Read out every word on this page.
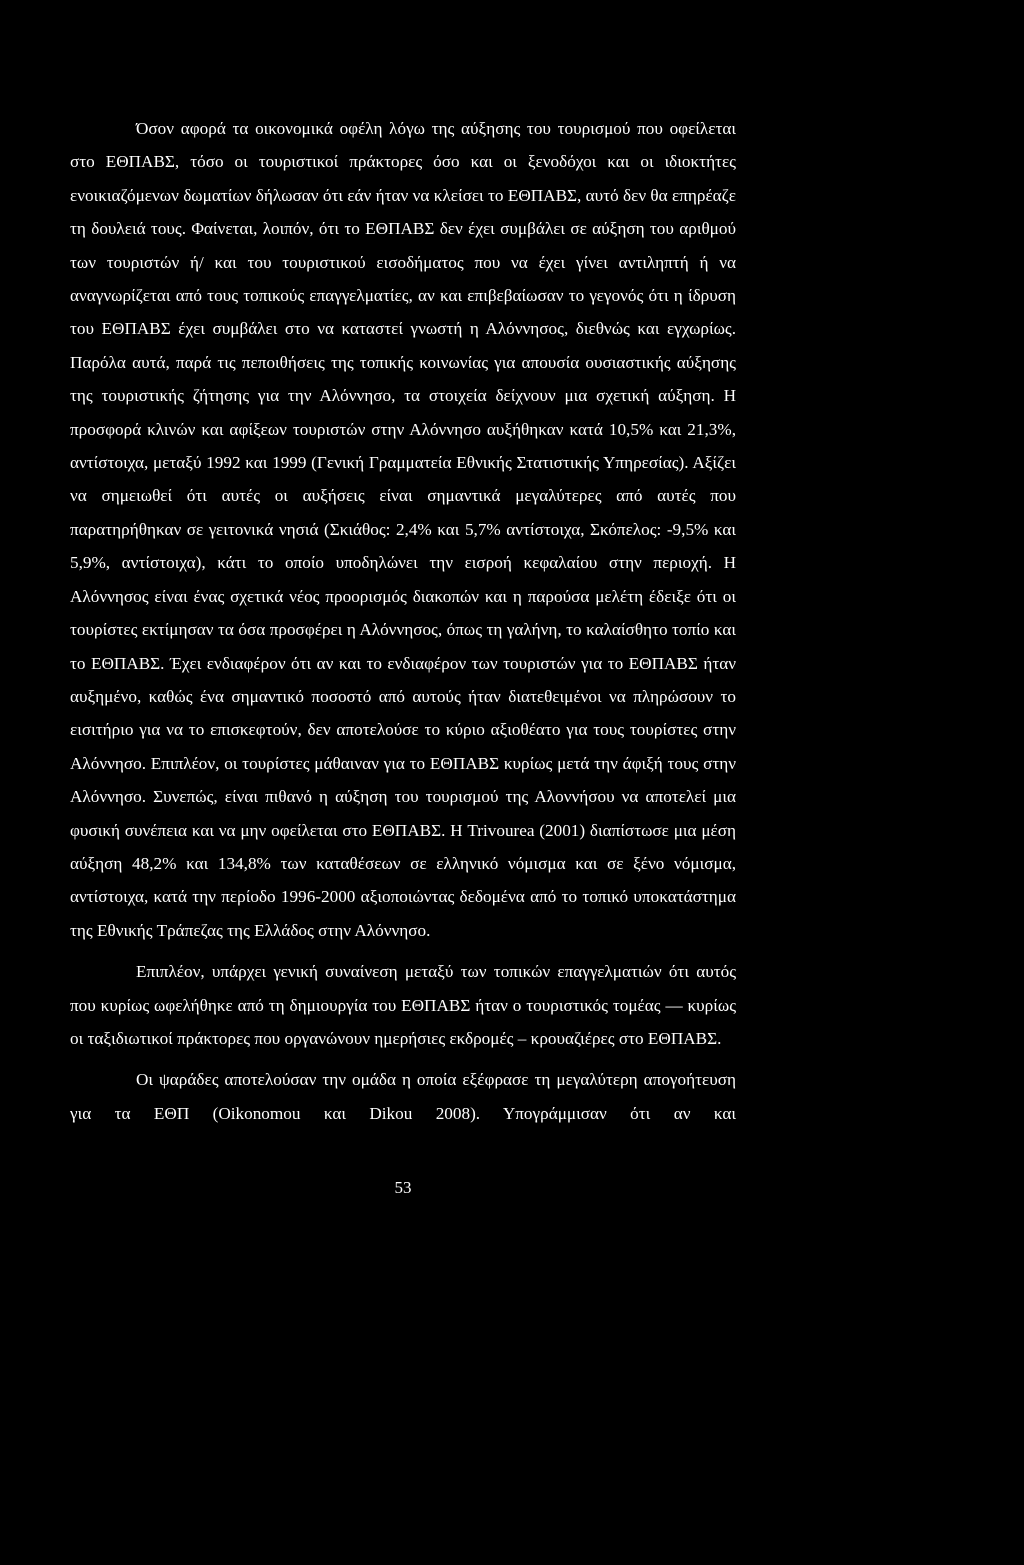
Όσον αφορά τα οικονομικά οφέλη λόγω της αύξησης του τουρισμού που οφείλεται στο ΕΘΠΑΒΣ, τόσο οι τουριστικοί πράκτορες όσο και οι ξενοδόχοι και οι ιδιοκτήτες ενοικιαζόμενων δωματίων δήλωσαν ότι εάν ήταν να κλείσει το ΕΘΠΑΒΣ, αυτό δεν θα επηρέαζε τη δουλειά τους. Φαίνεται, λοιπόν, ότι το ΕΘΠΑΒΣ δεν έχει συμβάλει σε αύξηση του αριθμού των τουριστών ή/ και του τουριστικού εισοδήματος που να έχει γίνει αντιληπτή ή να αναγνωρίζεται από τους τοπικούς επαγγελματίες, αν και επιβεβαίωσαν το γεγονός ότι η ίδρυση του ΕΘΠΑΒΣ έχει συμβάλει στο να καταστεί γνωστή η Αλόννησος, διεθνώς και εγχωρίως. Παρόλα αυτά, παρά τις πεποιθήσεις της τοπικής κοινωνίας για απουσία ουσιαστικής αύξησης της τουριστικής ζήτησης για την Αλόννησο, τα στοιχεία δείχνουν μια σχετική αύξηση. Η προσφορά κλινών και αφίξεων τουριστών στην Αλόννησο αυξήθηκαν κατά 10,5% και 21,3%, αντίστοιχα, μεταξύ 1992 και 1999 (Γενική Γραμματεία Εθνικής Στατιστικής Υπηρεσίας). Αξίζει να σημειωθεί ότι αυτές οι αυξήσεις είναι σημαντικά μεγαλύτερες από αυτές που παρατηρήθηκαν σε γειτονικά νησιά (Σκιάθος: 2,4% και 5,7% αντίστοιχα, Σκόπελος: -9,5% και 5,9%, αντίστοιχα), κάτι το οποίο υποδηλώνει την εισροή κεφαλαίου στην περιοχή. Η Αλόννησος είναι ένας σχετικά νέος προορισμός διακοπών και η παρούσα μελέτη έδειξε ότι οι τουρίστες εκτίμησαν τα όσα προσφέρει η Αλόννησος, όπως τη γαλήνη, το καλαίσθητο τοπίο και το ΕΘΠΑΒΣ. Έχει ενδιαφέρον ότι αν και το ενδιαφέρον των τουριστών για το ΕΘΠΑΒΣ ήταν αυξημένο, καθώς ένα σημαντικό ποσοστό από αυτούς ήταν διατεθειμένοι να πληρώσουν το εισιτήριο για να το επισκεφτούν, δεν αποτελούσε το κύριο αξιοθέατο για τους τουρίστες στην Αλόννησο. Επιπλέον, οι τουρίστες μάθαιναν για το ΕΘΠΑΒΣ κυρίως μετά την άφιξή τους στην Αλόννησο. Συνεπώς, είναι πιθανό η αύξηση του τουρισμού της Αλοννήσου να αποτελεί μια φυσική συνέπεια και να μην οφείλεται στο ΕΘΠΑΒΣ. Η Trivourea (2001) διαπίστωσε μια μέση αύξηση 48,2% και 134,8% των καταθέσεων σε ελληνικό νόμισμα και σε ξένο νόμισμα, αντίστοιχα, κατά την περίοδο 1996-2000 αξιοποιώντας δεδομένα από το τοπικό υποκατάστημα της Εθνικής Τράπεζας της Ελλάδος στην Αλόννησο.

Επιπλέον, υπάρχει γενική συναίνεση μεταξύ των τοπικών επαγγελματιών ότι αυτός που κυρίως ωφελήθηκε από τη δημιουργία του ΕΘΠΑΒΣ ήταν ο τουριστικός τομέας — κυρίως οι ταξιδιωτικοί πράκτορες που οργανώνουν ημερήσιες εκδρομές – κρουαζιέρες στο ΕΘΠΑΒΣ.

Οι ψαράδες αποτελούσαν την ομάδα η οποία εξέφρασε τη μεγαλύτερη απογοήτευση για τα ΕΘΠ (Oikonomou και Dikou 2008). Υπογράμμισαν ότι αν και

53
